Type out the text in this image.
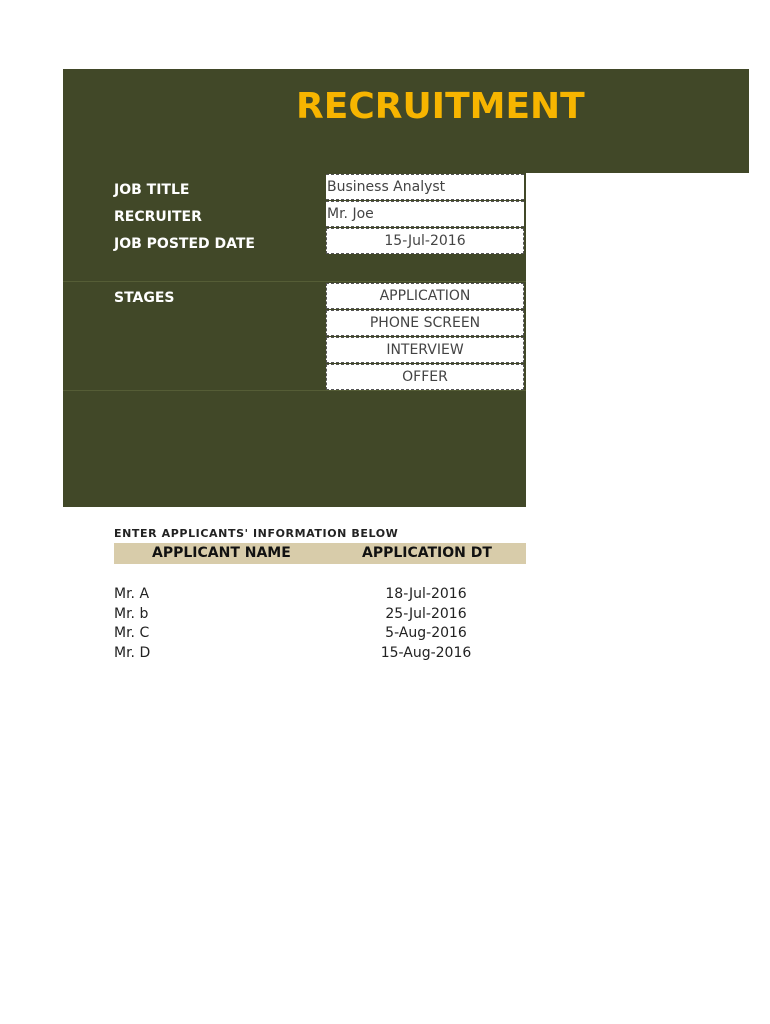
RECRUITMENT
JOB TITLE	Business Analyst
RECRUITER	Mr. Joe
JOB POSTED DATE	15-Jul-2016
STAGES	APPLICATION
PHONE SCREEN
INTERVIEW
OFFER
ENTER APPLICANTS' INFORMATION BELOW
APPLICANT NAME	APPLICATION DT
Mr. A	18-Jul-2016
Mr. b	25-Jul-2016
Mr. C	5-Aug-2016
Mr. D	15-Aug-2016
